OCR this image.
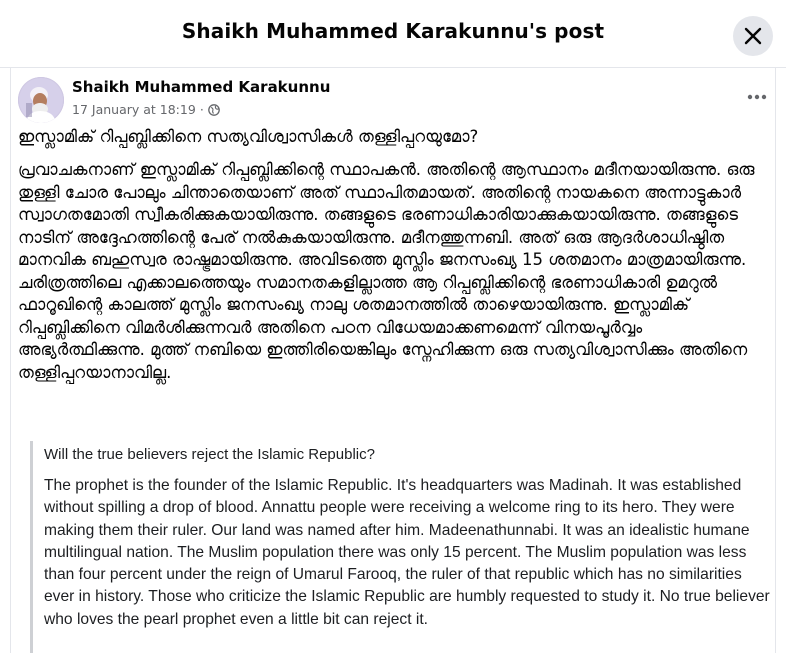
Shaikh Muhammed Karakunnu's post
Shaikh Muhammed Karakunnu
17 January at 18:19 ·
ഇസ്ലാമിക് റിപ്പബ്ലിക്കിനെ സത്യവിശ്വാസികൾ തള്ളിപ്പറയുമോ?
പ്രവാചകനാണ് ഇസ്ലാമിക് റിപ്പബ്ലിക്കിന്റെ സ്ഥാപകൻ. അതിന്റെ ആസ്ഥാനം മദീനയായിരുന്നു. ഒരു തുള്ളി ചോര പോലും ചിന്താതെയാണ് അത് സ്ഥാപിതമായത്. അതിന്റെ നായകനെ അന്നാട്ടുകാർ സ്വാഗതമോതി സ്വീകരിക്കുകയായിരുന്നു. തങ്ങളുടെ ഭരണാധികാരിയാക്കുകയായിരുന്നു. തങ്ങളുടെ നാടിന് അദ്ദേഹത്തിന്റെ പേര് നൽകുകയായിരുന്നു. മദീനത്തുന്നബി. അത് ഒരു ആദർശാധിഷ്ഠിത മാനവിക ബഹുസ്വര രാഷ്ട്രമായിരുന്നു. അവിടത്തെ മുസ്ലിം ജനസംഖ്യ 15 ശതമാനം മാത്രമായിരുന്നു. ചരിത്രത്തിലെ എക്കാലത്തെയും സമാനതകളില്ലാത്ത ആ റിപ്പബ്ലിക്കിന്റെ ഭരണാധികാരി ഉമറുൽ ഫാറൂഖിന്റെ കാലത്ത് മുസ്ലിം ജനസംഖ്യ നാലു ശതമാനത്തിൽ താഴെയായിരുന്നു. ഇസ്ലാമിക് റിപ്പബ്ലിക്കിനെ വിമർശിക്കുന്നവർ അതിനെ പഠന വിധേയമാക്കണമെന്ന് വിനയപൂർവ്വം അഭ്യർത്ഥിക്കുന്നു. മുത്ത് നബിയെ ഇത്തിരിയെങ്കിലും സ്നേഹിക്കുന്ന ഒരു സത്യവിശ്വാസിക്കും അതിനെ തള്ളിപ്പറയാനാവില്ല.
Will the true believers reject the Islamic Republic?
The prophet is the founder of the Islamic Republic. It's headquarters was Madinah. It was established without spilling a drop of blood. Annattu people were receiving a welcome ring to its hero. They were making them their ruler. Our land was named after him. Madeenathunnabi. It was an idealistic humane multilingual nation. The Muslim population there was only 15 percent. The Muslim population was less than four percent under the reign of Umarul Farooq, the ruler of that republic which has no similarities ever in history. Those who criticize the Islamic Republic are humbly requested to study it. No true believer who loves the pearl prophet even a little bit can reject it.
